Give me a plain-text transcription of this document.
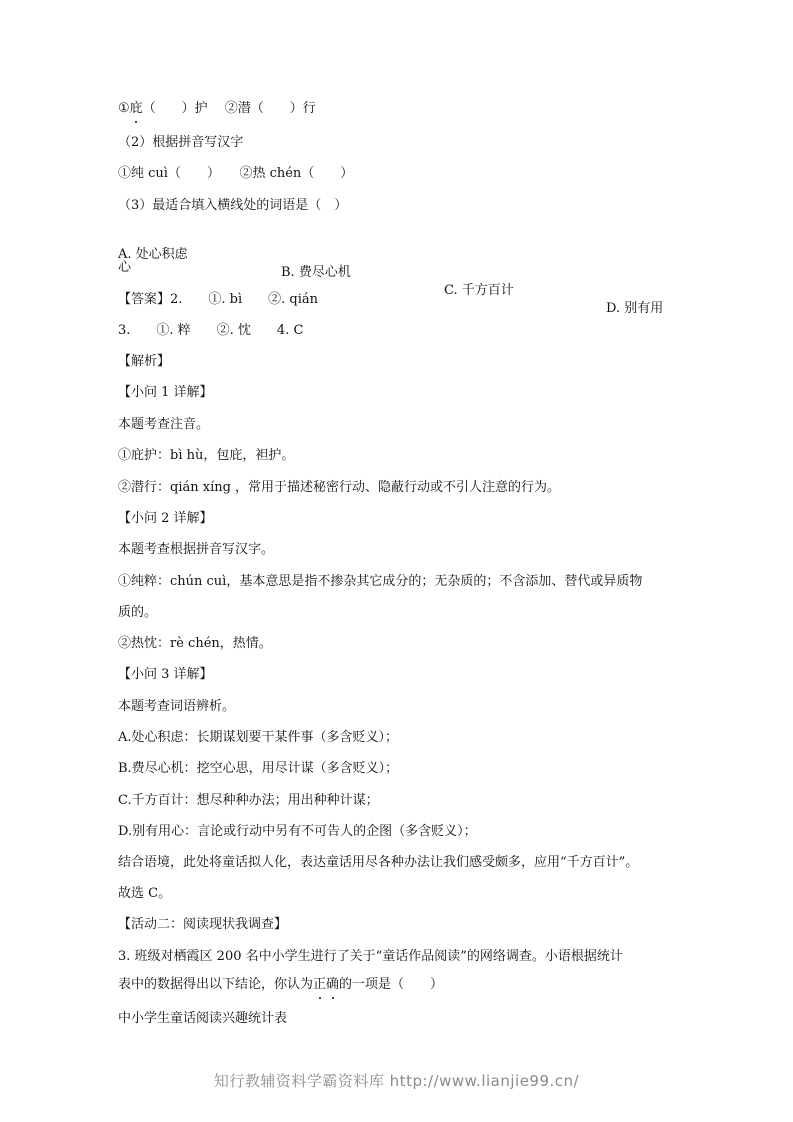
①庇（　　）护　 ②潜（　　）行
（2）根据拼音写汉字
①纯 cuì（　　）　　②热 chén（　　）
（3）最适合填入横线处的词语是（　）

A. 处心积虑

B. 费尽心机

C. 千方百计

D. 别有用

心
【答案】2.　　①. bì　　②. qián
3.　　①. 粹　　②. 忱　　4. C
【解析】
【小问 1 详解】
本题考查注音。
①庇护：bì hù，包庇，袒护。
②潜行：qián xíng ，常用于描述秘密行动、隐蔽行动或不引人注意的行为。
【小问 2 详解】
本题考查根据拼音写汉字。
①纯粹：chún cuì，基本意思是指不掺杂其它成分的；无杂质的；不含添加、替代或异质物
质的。
②热忱：rè chén，热情。
【小问 3 详解】
本题考查词语辨析。
A.处心积虑：长期谋划要干某件事（多含贬义）；
B.费尽心机：挖空心思，用尽计谋（多含贬义）；
C.千方百计：想尽种种办法；用出种种计谋；
D.别有用心：言论或行动中另有不可告人的企图（多含贬义）；
结合语境，此处将童话拟人化，表达童话用尽各种办法让我们感受颇多，应用“千方百计”。
故选 C。
【活动二：阅读现状我调查】
3. 班级对栖霞区 200 名中小学生进行了关于“童话作品阅读”的网络调查。小语根据统计
表中的数据得出以下结论，你认为正确的一项是（　　）
中小学生童话阅读兴趣统计表
知行教辅资料学霸资料库 http://www.lianjie99.cn/
